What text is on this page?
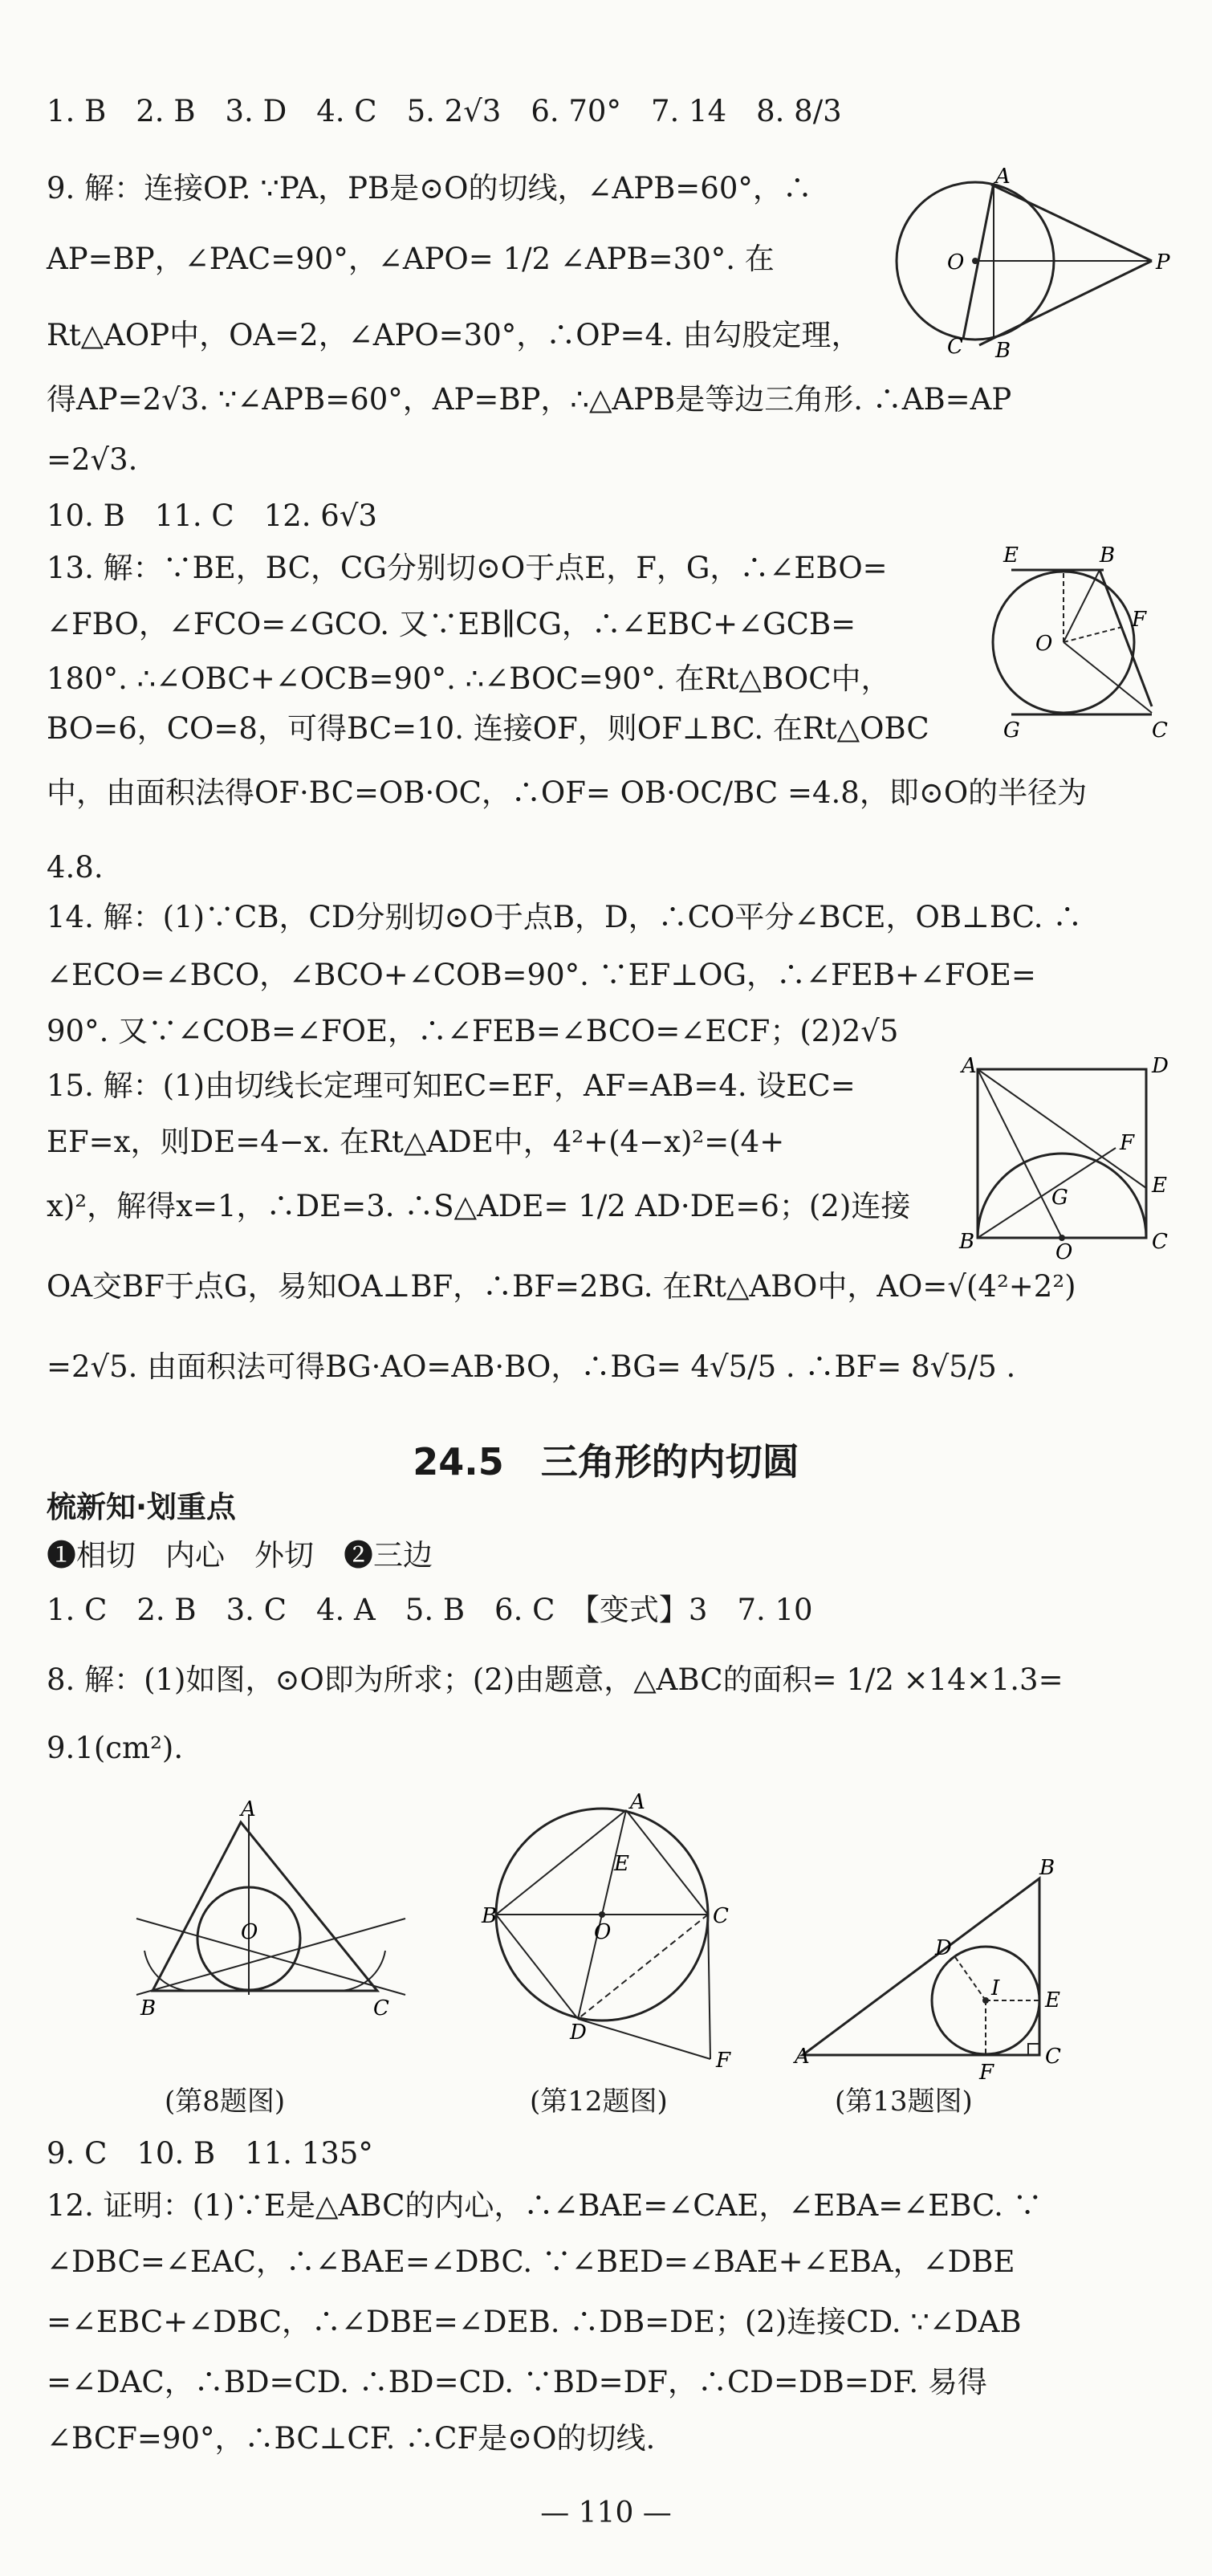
1. B　2. B　3. D　4. C　5. 2√3　6. 70°　7. 14　8. 8/3
9. 解：连接OP. ∵PA，PB是⊙O的切线，∠APB=60°，∴
AP=BP，∠PAC=90°，∠APO= 1/2 ∠APB=30°. 在
Rt△AOP中，OA=2，∠APO=30°，∴OP=4. 由勾股定理，
得AP=2√3. ∵∠APB=60°，AP=BP，∴△APB是等边三角形. ∴AB=AP
=2√3.
A
O	P
B
C
10. B　11. C　12. 6√3
13. 解：∵BE，BC，CG分别切⊙O于点E，F，G，∴∠EBO=
∠FBO，∠FCO=∠GCO. 又∵EB∥CG，∴∠EBC+∠GCB=
180°. ∴∠OBC+∠OCB=90°. ∴∠BOC=90°. 在Rt△BOC中，
BO=6，CO=8，可得BC=10. 连接OF，则OF⊥BC. 在Rt△OBC
中，由面积法得OF·BC=OB·OC，∴OF= OB·OC/BC =4.8，即⊙O的半径为
4.8.
E	B
F
O
G	C
14. 解：(1)∵CB，CD分别切⊙O于点B，D，∴CO平分∠BCE，OB⊥BC. ∴
∠ECO=∠BCO，∠BCO+∠COB=90°. ∵EF⊥OG，∴∠FEB+∠FOE=
90°. 又∵∠COB=∠FOE，∴∠FEB=∠BCO=∠ECF；(2)2√5
15. 解：(1)由切线长定理可知EC=EF，AF=AB=4. 设EC=
EF=x，则DE=4−x. 在Rt△ADE中，4²+(4−x)²=(4+
x)²，解得x=1，∴DE=3. ∴S△ADE= 1/2 AD·DE=6；(2)连接
OA交BF于点G，易知OA⊥BF，∴BF=2BG. 在Rt△ABO中，AO=√(4²+2²)
=2√5. 由面积法可得BG·AO=AB·BO，∴BG= 4√5/5 . ∴BF= 8√5/5 .
A	D
F
E
G
B	O	C
24.5　三角形的内切圆
梳新知·划重点
❶相切　内心　外切　❷三边
1. C　2. B　3. C　4. A　5. B　6. C　【变式】3　7. 10
8. 解：(1)如图，⊙O即为所求；(2)由题意，△ABC的面积= 1/2 ×14×1.3=
9.1(cm²).
A
O
B	C
A
E
B	C
O
D
F
B
D
I E
A
F
C
(第8题图)	(第12题图)	(第13题图)
9. C　10. B　11. 135°
12. 证明：(1)∵E是△ABC的内心，∴∠BAE=∠CAE，∠EBA=∠EBC. ∵
∠DBC=∠EAC，∴∠BAE=∠DBC. ∵∠BED=∠BAE+∠EBA，∠DBE
=∠EBC+∠DBC，∴∠DBE=∠DEB. ∴DB=DE；(2)连接CD. ∵∠DAB
=∠DAC，∴BD=CD. ∴BD=CD. ∵BD=DF，∴CD=DB=DF. 易得
∠BCF=90°，∴BC⊥CF. ∴CF是⊙O的切线.
— 110 —
